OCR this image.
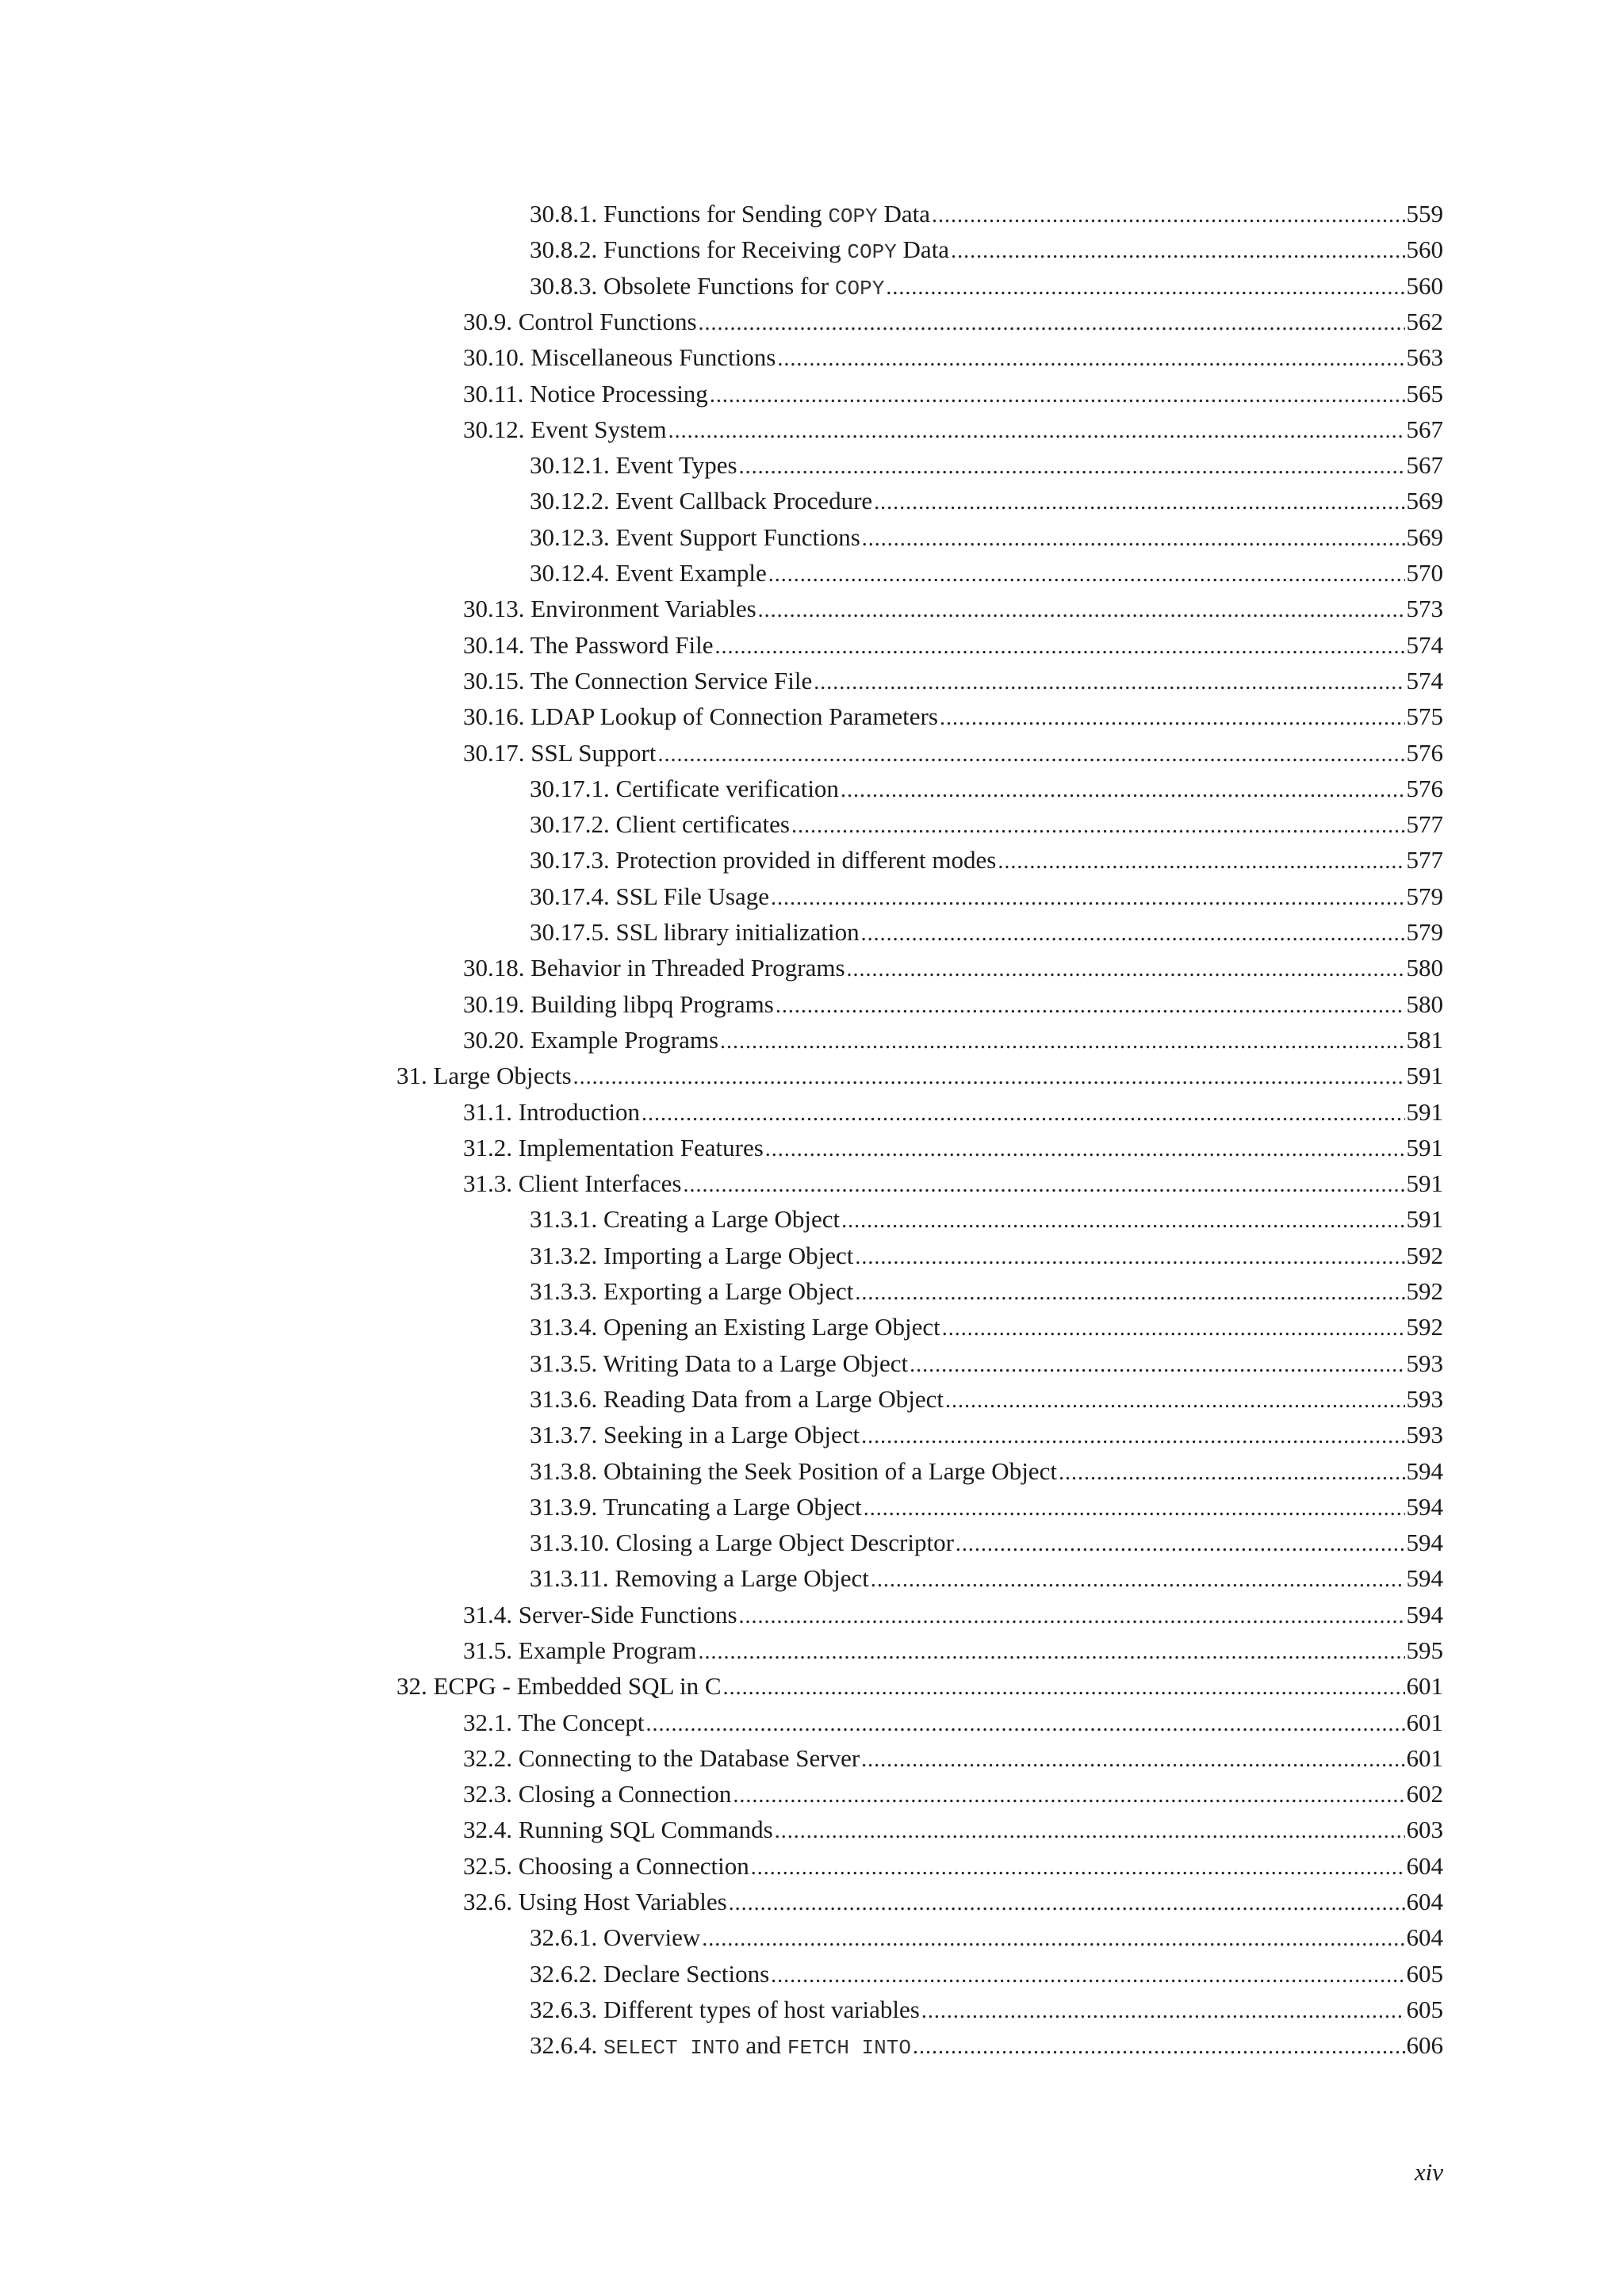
30.8.1. Functions for Sending COPY Data . . .	559
30.8.2. Functions for Receiving COPY Data . . .	560
30.8.3. Obsolete Functions for COPY . . .	560
30.9. Control Functions . . .	562
30.10. Miscellaneous Functions . . .	563
30.11. Notice Processing . . .	565
30.12. Event System . . .	567
30.12.1. Event Types . . .	567
30.12.2. Event Callback Procedure . . .	569
30.12.3. Event Support Functions . . .	569
30.12.4. Event Example . . .	570
30.13. Environment Variables . . .	573
30.14. The Password File . . .	574
30.15. The Connection Service File . . .	574
30.16. LDAP Lookup of Connection Parameters . . .	575
30.17. SSL Support . . .	576
30.17.1. Certificate verification . . .	576
30.17.2. Client certificates . . .	577
30.17.3. Protection provided in different modes . . .	577
30.17.4. SSL File Usage . . .	579
30.17.5. SSL library initialization . . .	579
30.18. Behavior in Threaded Programs . . .	580
30.19. Building libpq Programs . . .	580
30.20. Example Programs . . .	581
31. Large Objects . . .	591
31.1. Introduction . . .	591
31.2. Implementation Features . . .	591
31.3. Client Interfaces . . .	591
31.3.1. Creating a Large Object . . .	591
31.3.2. Importing a Large Object . . .	592
31.3.3. Exporting a Large Object . . .	592
31.3.4. Opening an Existing Large Object . . .	592
31.3.5. Writing Data to a Large Object . . .	593
31.3.6. Reading Data from a Large Object . . .	593
31.3.7. Seeking in a Large Object . . .	593
31.3.8. Obtaining the Seek Position of a Large Object . . .	594
31.3.9. Truncating a Large Object . . .	594
31.3.10. Closing a Large Object Descriptor . . .	594
31.3.11. Removing a Large Object . . .	594
31.4. Server-Side Functions . . .	594
31.5. Example Program . . .	595
32. ECPG - Embedded SQL in C . . .	601
32.1. The Concept . . .	601
32.2. Connecting to the Database Server . . .	601
32.3. Closing a Connection . . .	602
32.4. Running SQL Commands . . .	603
32.5. Choosing a Connection . . .	604
32.6. Using Host Variables . . .	604
32.6.1. Overview . . .	604
32.6.2. Declare Sections . . .	605
32.6.3. Different types of host variables . . .	605
32.6.4. SELECT INTO and FETCH INTO . . .	606
xiv
